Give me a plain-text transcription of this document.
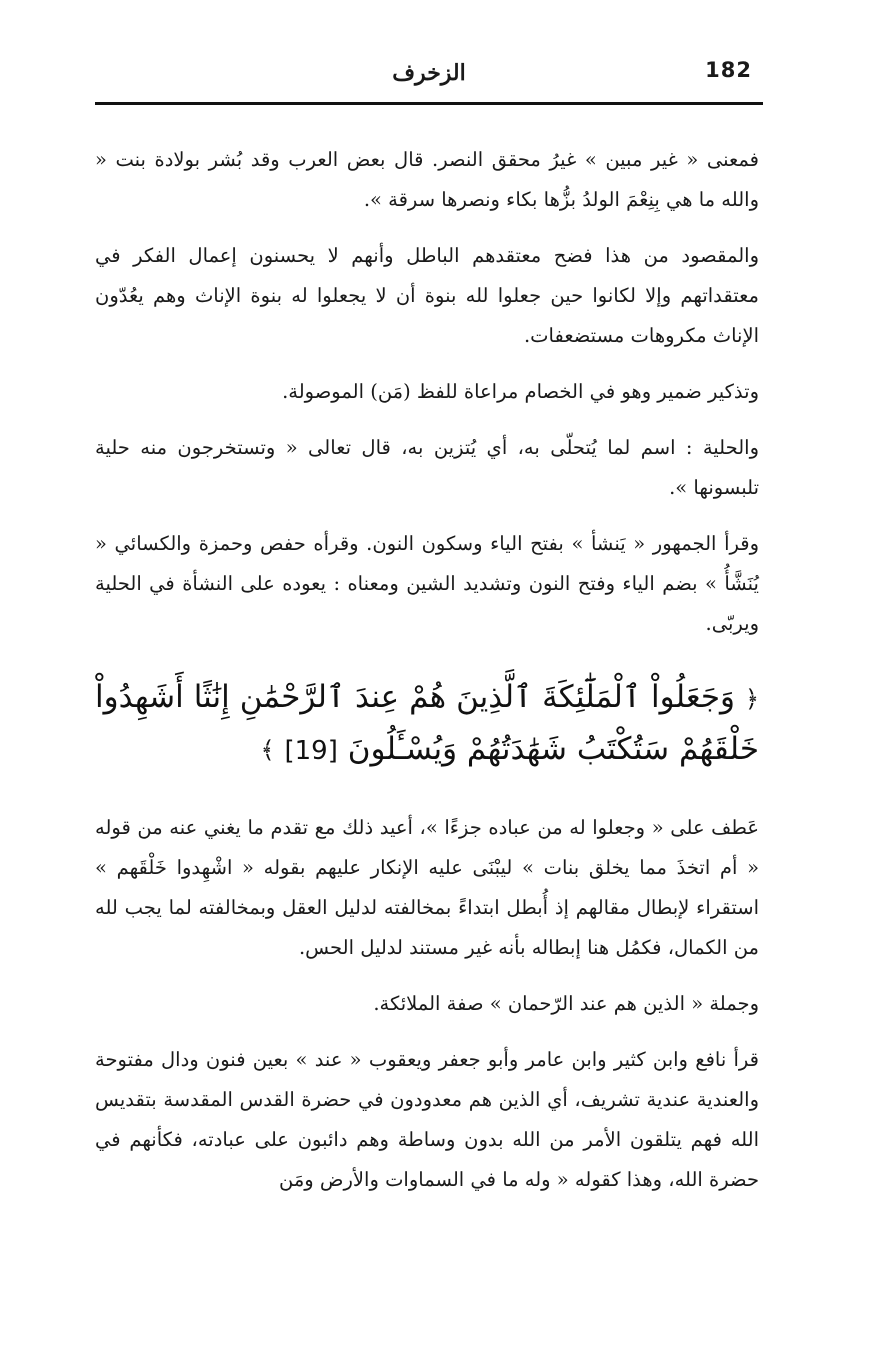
182
الزخرف

فمعنى « غير مبين » غيرُ محقق النصر. قال بعض العرب وقد بُشر بولادة بنت « والله ما هي بِنِعْمَ الولدُ بزُّها بكاء ونصرها سرقة ».

والمقصود من هذا فضح معتقدهم الباطل وأنهم لا يحسنون إعمال الفكر في معتقداتهم وإلا لكانوا حين جعلوا لله بنوة أن لا يجعلوا له بنوة الإناث وهم يعُدّون الإناث مكروهات مستضعفات.

وتذكير ضمير وهو في الخصام مراعاة للفظ (مَن) الموصولة.

والحلية : اسم لما يُتحلّى به، أي يُتزين به، قال تعالى « وتستخرجون منه حلية تلبسونها ».

وقرأ الجمهور « يَنشأ » بفتح الياء وسكون النون. وقرأه حفص وحمزة والكسائي « يُنَشَّأُ » بضم الياء وفتح النون وتشديد الشين ومعناه : يعوده على النشأة في الحلية ويربّى.

﴿ وَجَعَلُواْ ٱلْمَلَٰٓئِكَةَ ٱلَّذِينَ هُمْ عِندَ ٱلرَّحْمَٰنِ إِنَٰثًا أَشَهِدُواْ خَلْقَهُمْ سَتُكْتَبُ شَهَٰدَتُهُمْ وَيُسْـَٔلُونَ [19] ﴾

عَطف على « وجعلوا له من عباده جزءًا »، أعيد ذلك مع تقدم ما يغني عنه من قوله « أم اتخذَ مما يخلق بنات » ليبْنَى عليه الإنكار عليهم بقوله « اشْهِدوا خَلْقَهم » استقراء لإبطال مقالهم إذ أُبطل ابتداءً بمخالفته لدليل العقل وبمخالفته لما يجب لله من الكمال، فكمُل هنا إبطاله بأنه غير مستند لدليل الحس.

وجملة « الذين هم عند الرّحمان » صفة الملائكة.

قرأ نافع وابن كثير وابن عامر وأبو جعفر ويعقوب « عند » بعين فنون ودال مفتوحة والعندية عندية تشريف، أي الذين هم معدودون في حضرة القدس المقدسة بتقديس الله فهم يتلقون الأمر من الله بدون وساطة وهم دائبون على عبادته، فكأنهم في حضرة الله، وهذا كقوله « وله ما في السماوات والأرض ومَن
